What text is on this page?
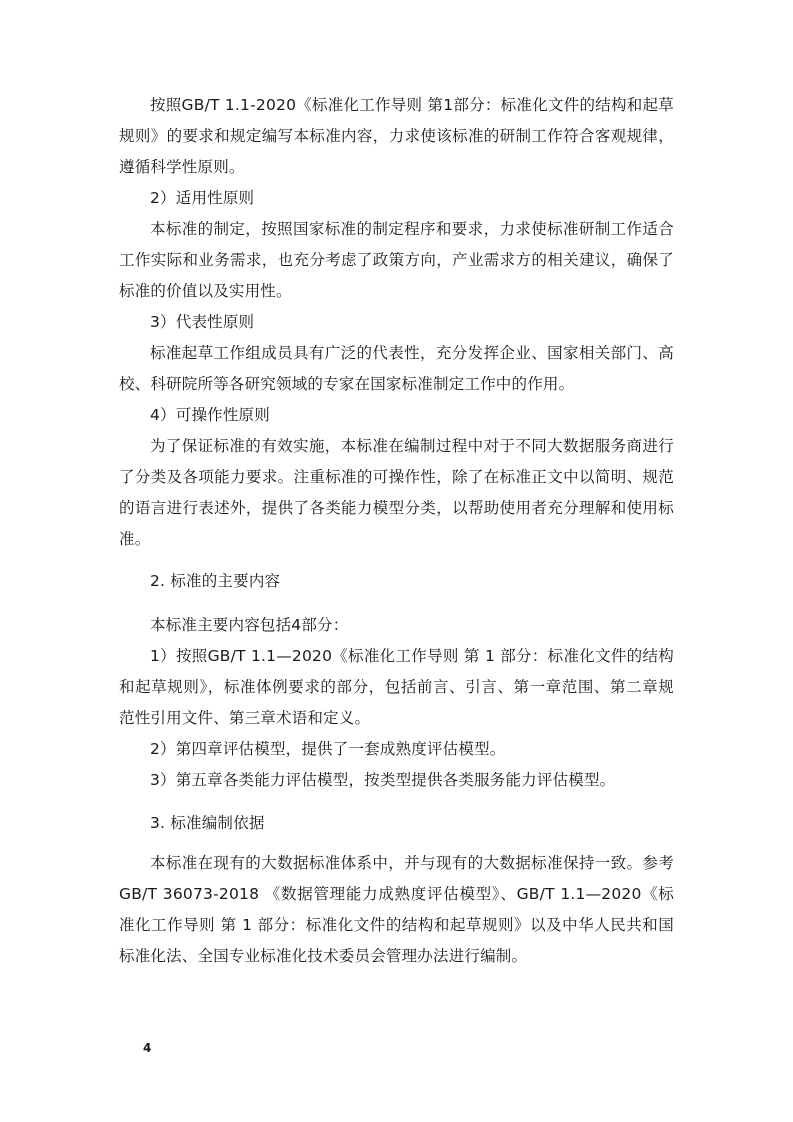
按照GB/T 1.1-2020《标准化工作导则 第1部分：标准化文件的结构和起草规则》的要求和规定编写本标准内容，力求使该标准的研制工作符合客观规律，遵循科学性原则。

2）适用性原则

本标准的制定，按照国家标准的制定程序和要求，力求使标准研制工作适合工作实际和业务需求，也充分考虑了政策方向，产业需求方的相关建议，确保了标准的价值以及实用性。

3）代表性原则

标准起草工作组成员具有广泛的代表性，充分发挥企业、国家相关部门、高校、科研院所等各研究领域的专家在国家标准制定工作中的作用。

4）可操作性原则

为了保证标准的有效实施，本标准在编制过程中对于不同大数据服务商进行了分类及各项能力要求。注重标准的可操作性，除了在标准正文中以简明、规范的语言进行表述外，提供了各类能力模型分类，以帮助使用者充分理解和使用标准。

2. 标准的主要内容

本标准主要内容包括4部分：

1）按照GB/T 1.1—2020《标准化工作导则 第 1 部分：标准化文件的结构和起草规则》，标准体例要求的部分，包括前言、引言、第一章范围、第二章规范性引用文件、第三章术语和定义。

2）第四章评估模型，提供了一套成熟度评估模型。

3）第五章各类能力评估模型，按类型提供各类服务能力评估模型。

3. 标准编制依据

本标准在现有的大数据标准体系中，并与现有的大数据标准保持一致。参考GB/T 36073-2018 《数据管理能力成熟度评估模型》、GB/T 1.1—2020《标准化工作导则 第 1 部分：标准化文件的结构和起草规则》以及中华人民共和国标准化法、全国专业标准化技术委员会管理办法进行编制。

4
